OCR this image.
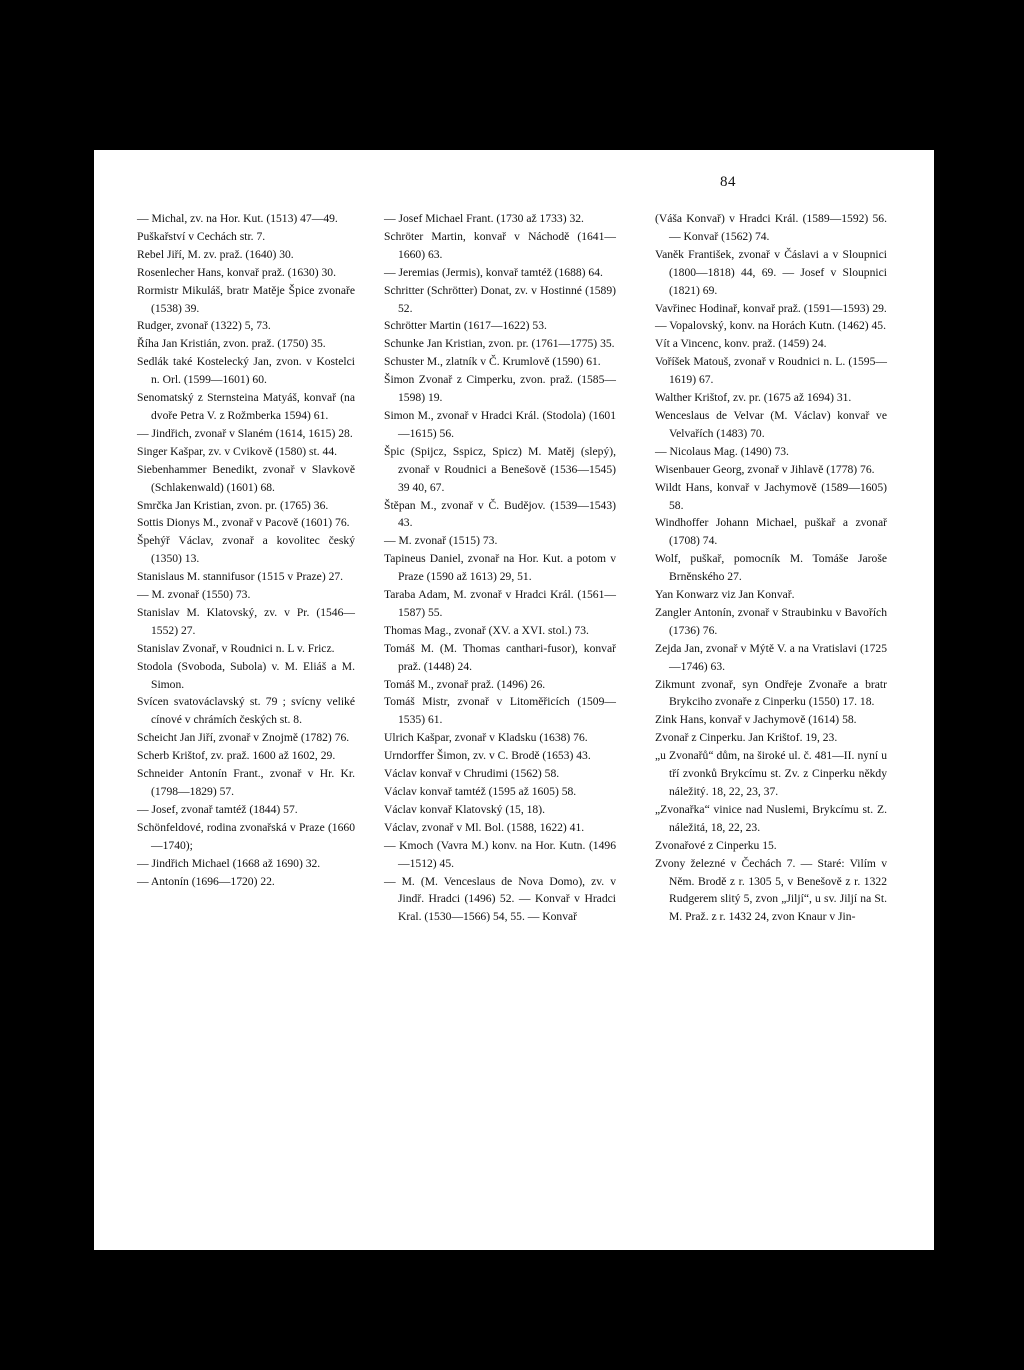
84

— Michal, zv. na Hor. Kut. (1513) 47—49.

Puškařství v Cechách str. 7.

Rebel Jiří, M. zv. praž. (1640) 30.

Rosenlecher Hans, konvař praž. (1630) 30.

Rormistr Mikuláš, bratr Matěje Špice zvonaře (1538) 39.

Rudger, zvonař (1322) 5, 73.

Říha Jan Kristián, zvon. praž. (1750) 35.

Sedlák také Kostelecký Jan, zvon. v Kostelci n. Orl. (1599—1601) 60.

Senomatský z Sternsteina Matyáš, konvař (na dvoře Petra V. z Rožmberka 1594) 61.

— Jindřich, zvonař v Slaném (1614, 1615) 28.

Singer Kašpar, zv. v Cvikově (1580) st. 44.

Siebenhammer Benedikt, zvonař v Slavkově (Schlakenwald) (1601) 68.

Smrčka Jan Kristian, zvon. pr. (1765) 36.

Sottis Dionys M., zvonař v Pacově (1601) 76.

Špehýř Václav, zvonař a kovolitec český (1350) 13.

Stanislaus M. stannifusor (1515 v Praze) 27.

— M. zvonař (1550) 73.

Stanislav M. Klatovský, zv. v Pr. (1546—1552) 27.

Stanislav Zvonař, v Roudnici n. L v. Fricz.

Stodola (Svoboda, Subola) v. M. Eliáš a M. Simon.

Svícen svatováclavský st. 79 ; svícny veliké cínové v chrámích českých st. 8.

Scheicht Jan Jiří, zvonař v Znojmě (1782) 76.

Scherb Krištof, zv. praž. 1600 až 1602, 29.

Schneider Antonín Frant., zvonař v Hr. Kr. (1798—1829) 57.

— Josef, zvonař tamtéž (1844) 57.

Schönfeldové, rodina zvonařská v Praze (1660—1740);

— Jindřich Michael (1668 až 1690) 32.

— Antonín (1696—1720) 22.

— Josef Michael Frant. (1730 až 1733) 32.

Schröter Martin, konvař v Náchodě (1641—1660) 63.

— Jeremias (Jermis), konvař tamtéž (1688) 64.

Schritter (Schrötter) Donat, zv. v Hostinné (1589) 52.

Schrötter Martin (1617—1622) 53.

Schunke Jan Kristian, zvon. pr. (1761—1775) 35.

Schuster M., zlatník v Č. Krumlově (1590) 61.

Šimon Zvonař z Cimperku, zvon. praž. (1585—1598) 19.

Simon M., zvonař v Hradci Král. (Stodola) (1601—1615) 56.

Špic (Spijcz, Sspicz, Spicz) M. Matěj (slepý), zvonař v Roudnici a Benešově (1536—1545) 39 40, 67.

Štěpan M., zvonař v Č. Budějov. (1539—1543) 43.

— M. zvonař (1515) 73.

Tapineus Daniel, zvonař na Hor. Kut. a potom v Praze (1590 až 1613) 29, 51.

Taraba Adam, M. zvonař v Hradci Král. (1561—1587) 55.

Thomas Mag., zvonař (XV. a XVI. stol.) 73.

Tomáš M. (M. Thomas canthari-fusor), konvař praž. (1448) 24.

Tomáš M., zvonař praž. (1496) 26.

Tomáš Mistr, zvonař v Litoměřicích (1509—1535) 61.

Ulrich Kašpar, zvonař v Kladsku (1638) 76.

Urndorffer Šimon, zv. v C. Brodě (1653) 43.

Václav konvař v Chrudimi (1562) 58.

Václav konvař tamtéž (1595 až 1605) 58.

Václav konvař Klatovský (15, 18).

Václav, zvonař v Ml. Bol. (1588, 1622) 41.

— Kmoch (Vavra M.) konv. na Hor. Kutn. (1496—1512) 45.

— M. (M. Venceslaus de Nova Domo), zv. v Jindř. Hradci (1496) 52. — Konvař v Hradci Kral. (1530—1566) 54, 55. — Konvař

(Váša Konvař) v Hradci Král. (1589—1592) 56. — Konvař (1562) 74.

Vaněk František, zvonař v Čáslavi a v Sloupnici (1800—1818) 44, 69. — Josef v Sloupnici (1821) 69.

Vavřinec Hodinař, konvař praž. (1591—1593) 29.

— Vopalovský, konv. na Horách Kutn. (1462) 45.

Vít a Vincenc, konv. praž. (1459) 24.

Voříšek Matouš, zvonař v Roudnici n. L. (1595—1619) 67.

Walther Krištof, zv. pr. (1675 až 1694) 31.

Wenceslaus de Velvar (M. Václav) konvař ve Velvařích (1483) 70.

— Nicolaus Mag. (1490) 73.

Wisenbauer Georg, zvonař v Jihlavě (1778) 76.

Wildt Hans, konvař v Jachymově (1589—1605) 58.

Windhoffer Johann Michael, puškař a zvonař (1708) 74.

Wolf, puškař, pomocník M. Tomáše Jaroše Brněnského 27.

Yan Konwarz viz Jan Konvař.

Zangler Antonín, zvonař v Straubinku v Bavořích (1736) 76.

Zejda Jan, zvonař v Mýtě V. a na Vratislavi (1725—1746) 63.

Zikmunt zvonař, syn Ondřeje Zvonaře a bratr Brykciho zvonaře z Cinperku (1550) 17. 18.

Zink Hans, konvař v Jachymově (1614) 58.

Zvonař z Cinperku. Jan Krištof. 19, 23.

„u Zvonařů“ dům, na široké ul. č. 481—II. nyní u tří zvonků Brykcímu st. Zv. z Cinperku někdy náležitý. 18, 22, 23, 37.

„Zvonařka“ vinice nad Nuslemi, Brykcímu st. Z. náležitá, 18, 22, 23.

Zvonařové z Cinperku 15.

Zvony železné v Čechách 7. — Staré: Vilím v Něm. Brodě z r. 1305 5, v Benešově z r. 1322 Rudgerem slitý 5, zvon „Jiljí“, u sv. Jiljí na St. M. Praž. z r. 1432 24, zvon Knaur v Jin-
